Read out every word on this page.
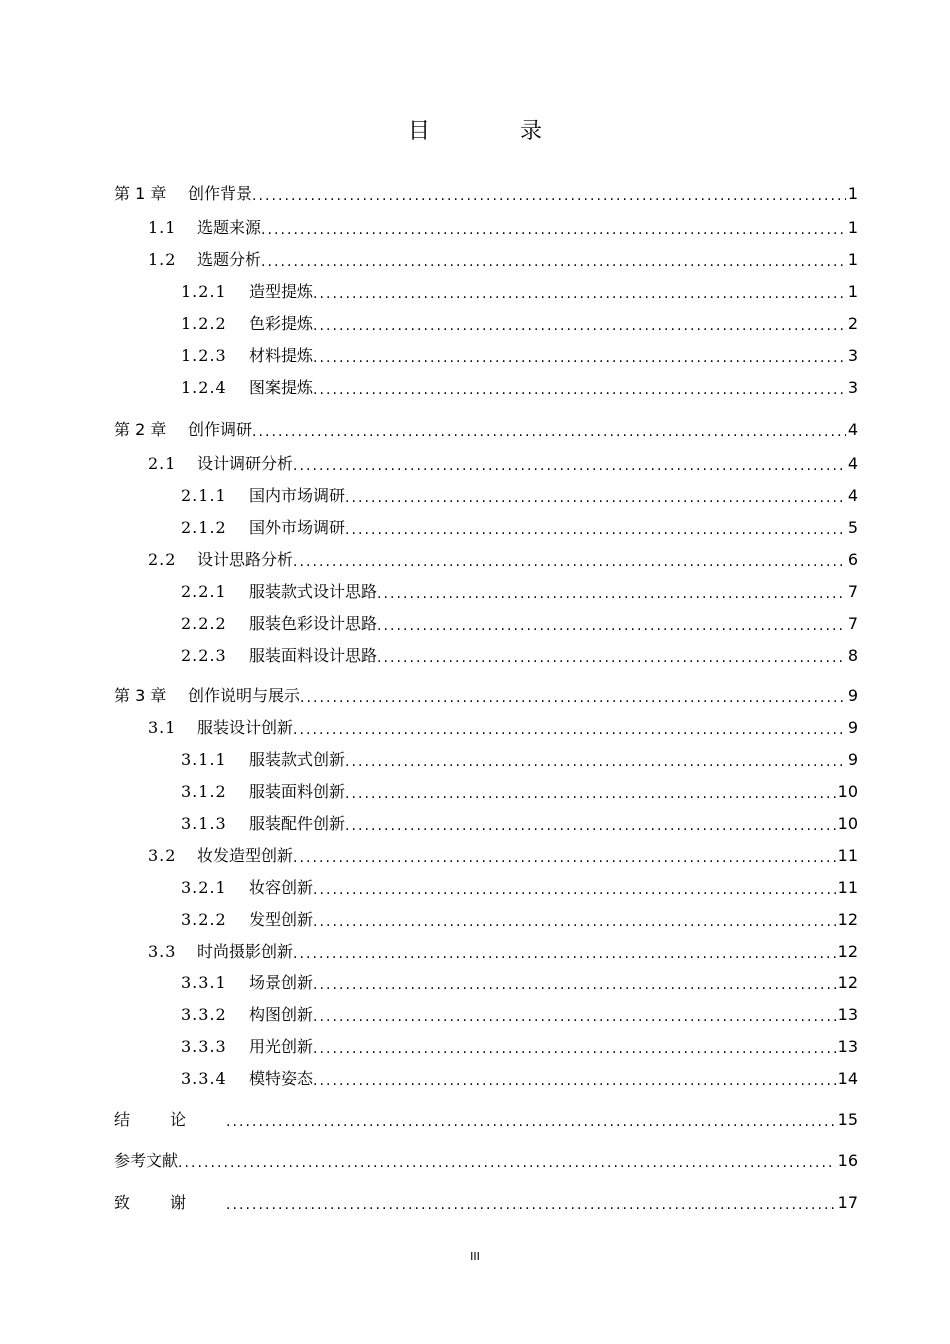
目　录
第 1 章	创作背景 . . .	1
1.1	选题来源 . . .	1
1.2	选题分析 . . .	1
1.2.1	造型提炼 . . .	1
1.2.2	色彩提炼 . . .	2
1.2.3	材料提炼 . . .	3
1.2.4	图案提炼 . . .	3
第 2 章	创作调研 . . .	4
2.1	设计调研分析 . . .	4
2.1.1	国内市场调研 . . .	4
2.1.2	国外市场调研 . . .	5
2.2	设计思路分析 . . .	6
2.2.1	服装款式设计思路 . . .	7
2.2.2	服装色彩设计思路 . . .	7
2.2.3	服装面料设计思路 . . .	8
第 3 章	创作说明与展示 . . .	9
3.1	服装设计创新 . . .	9
3.1.1	服装款式创新 . . .	9
3.1.2	服装面料创新 . . .	10
3.1.3	服装配件创新 . . .	10
3.2	妆发造型创新 . . .	11
3.2.1	妆容创新 . . .	11
3.2.2	发型创新 . . .	12
3.3	时尚摄影创新 . . .	12
3.3.1	场景创新 . . .	12
3.3.2	构图创新 . . .	13
3.3.3	用光创新 . . .	13
3.3.4	模特姿态 . . .	14
结论 . . .	15
参考文献 . . .	16
致谢 . . .	17
III
